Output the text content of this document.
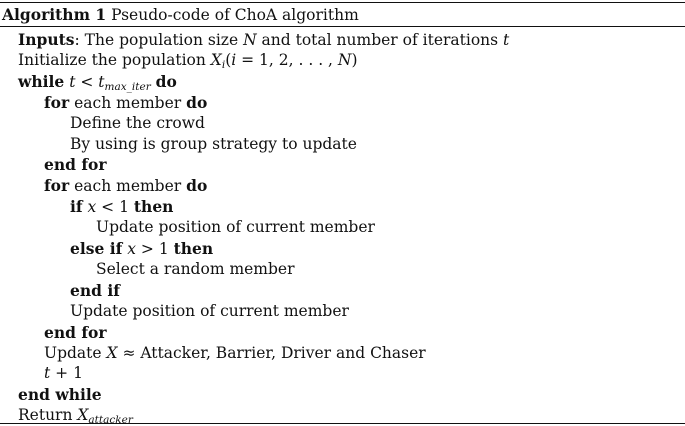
Algorithm 1 Pseudo-code of ChoA algorithm
Inputs: The population size N and total number of iterations t
Initialize the population $X_i(i = 1$, 2, . . . , N)
while $t < t_{max\_iter}$ do
for each member do
Define the crowd
By using is group strategy to update
end for
for each member do
if x < 1 then
Update position of current member
else if x > 1 then
Select a random member
end if
Update position of current member
end for
Update X ≈ Attacker, Barrier, Driver and Chaser
t + 1
end while
Return $X_{attacker}$
